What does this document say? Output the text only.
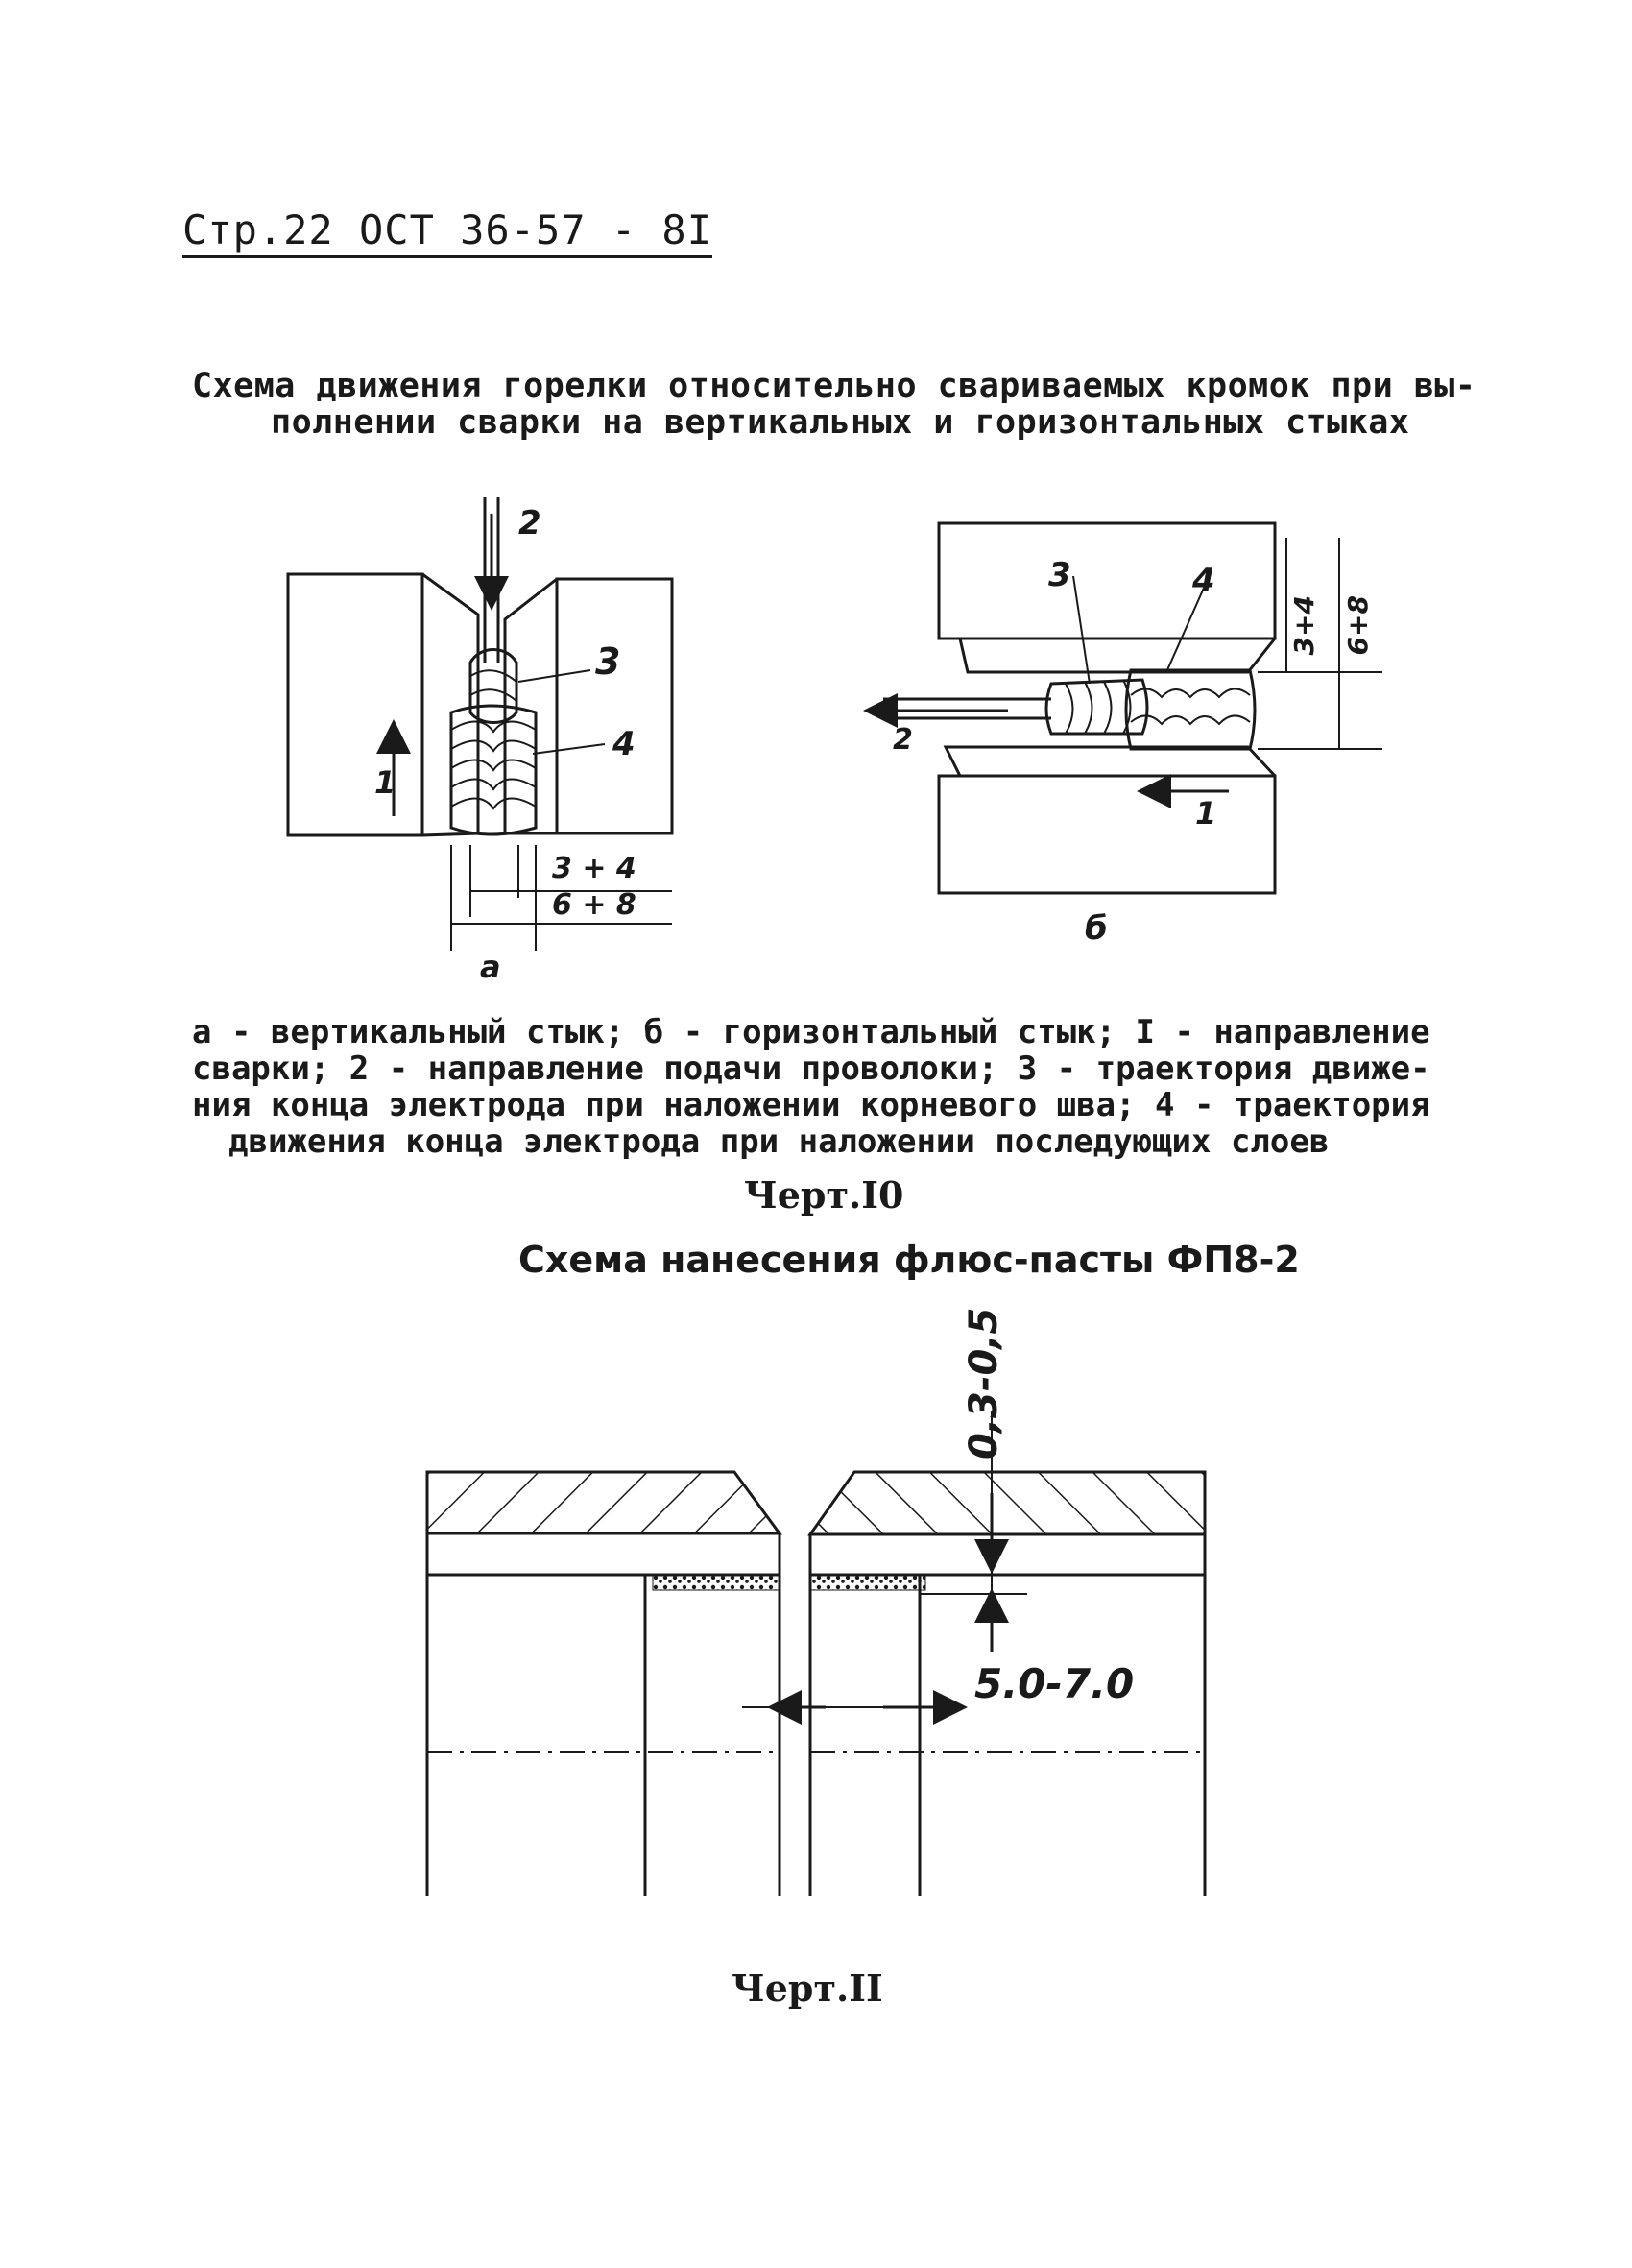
Стр.22 ОСТ 36-57 - 8I
Схема движения горелки относительно свариваемых кромок при вы-
полнении сварки на вертикальных и горизонтальных стыках
2
3
4
1
3 + 4
6 + 8
а
3	4
2
1
3+4 6+8
б
0,3-0,5
5.0-7.0
а - вертикальный стык; б - горизонтальный стык; I - направление
сварки; 2 - направление подачи проволоки; 3 - траектория движе-
ния конца электрода при наложении корневого шва; 4 - траектория
движения конца электрода при наложении последующих слоев
Черт.I0
Схема нанесения флюс-пасты ФП8-2
Черт.II
